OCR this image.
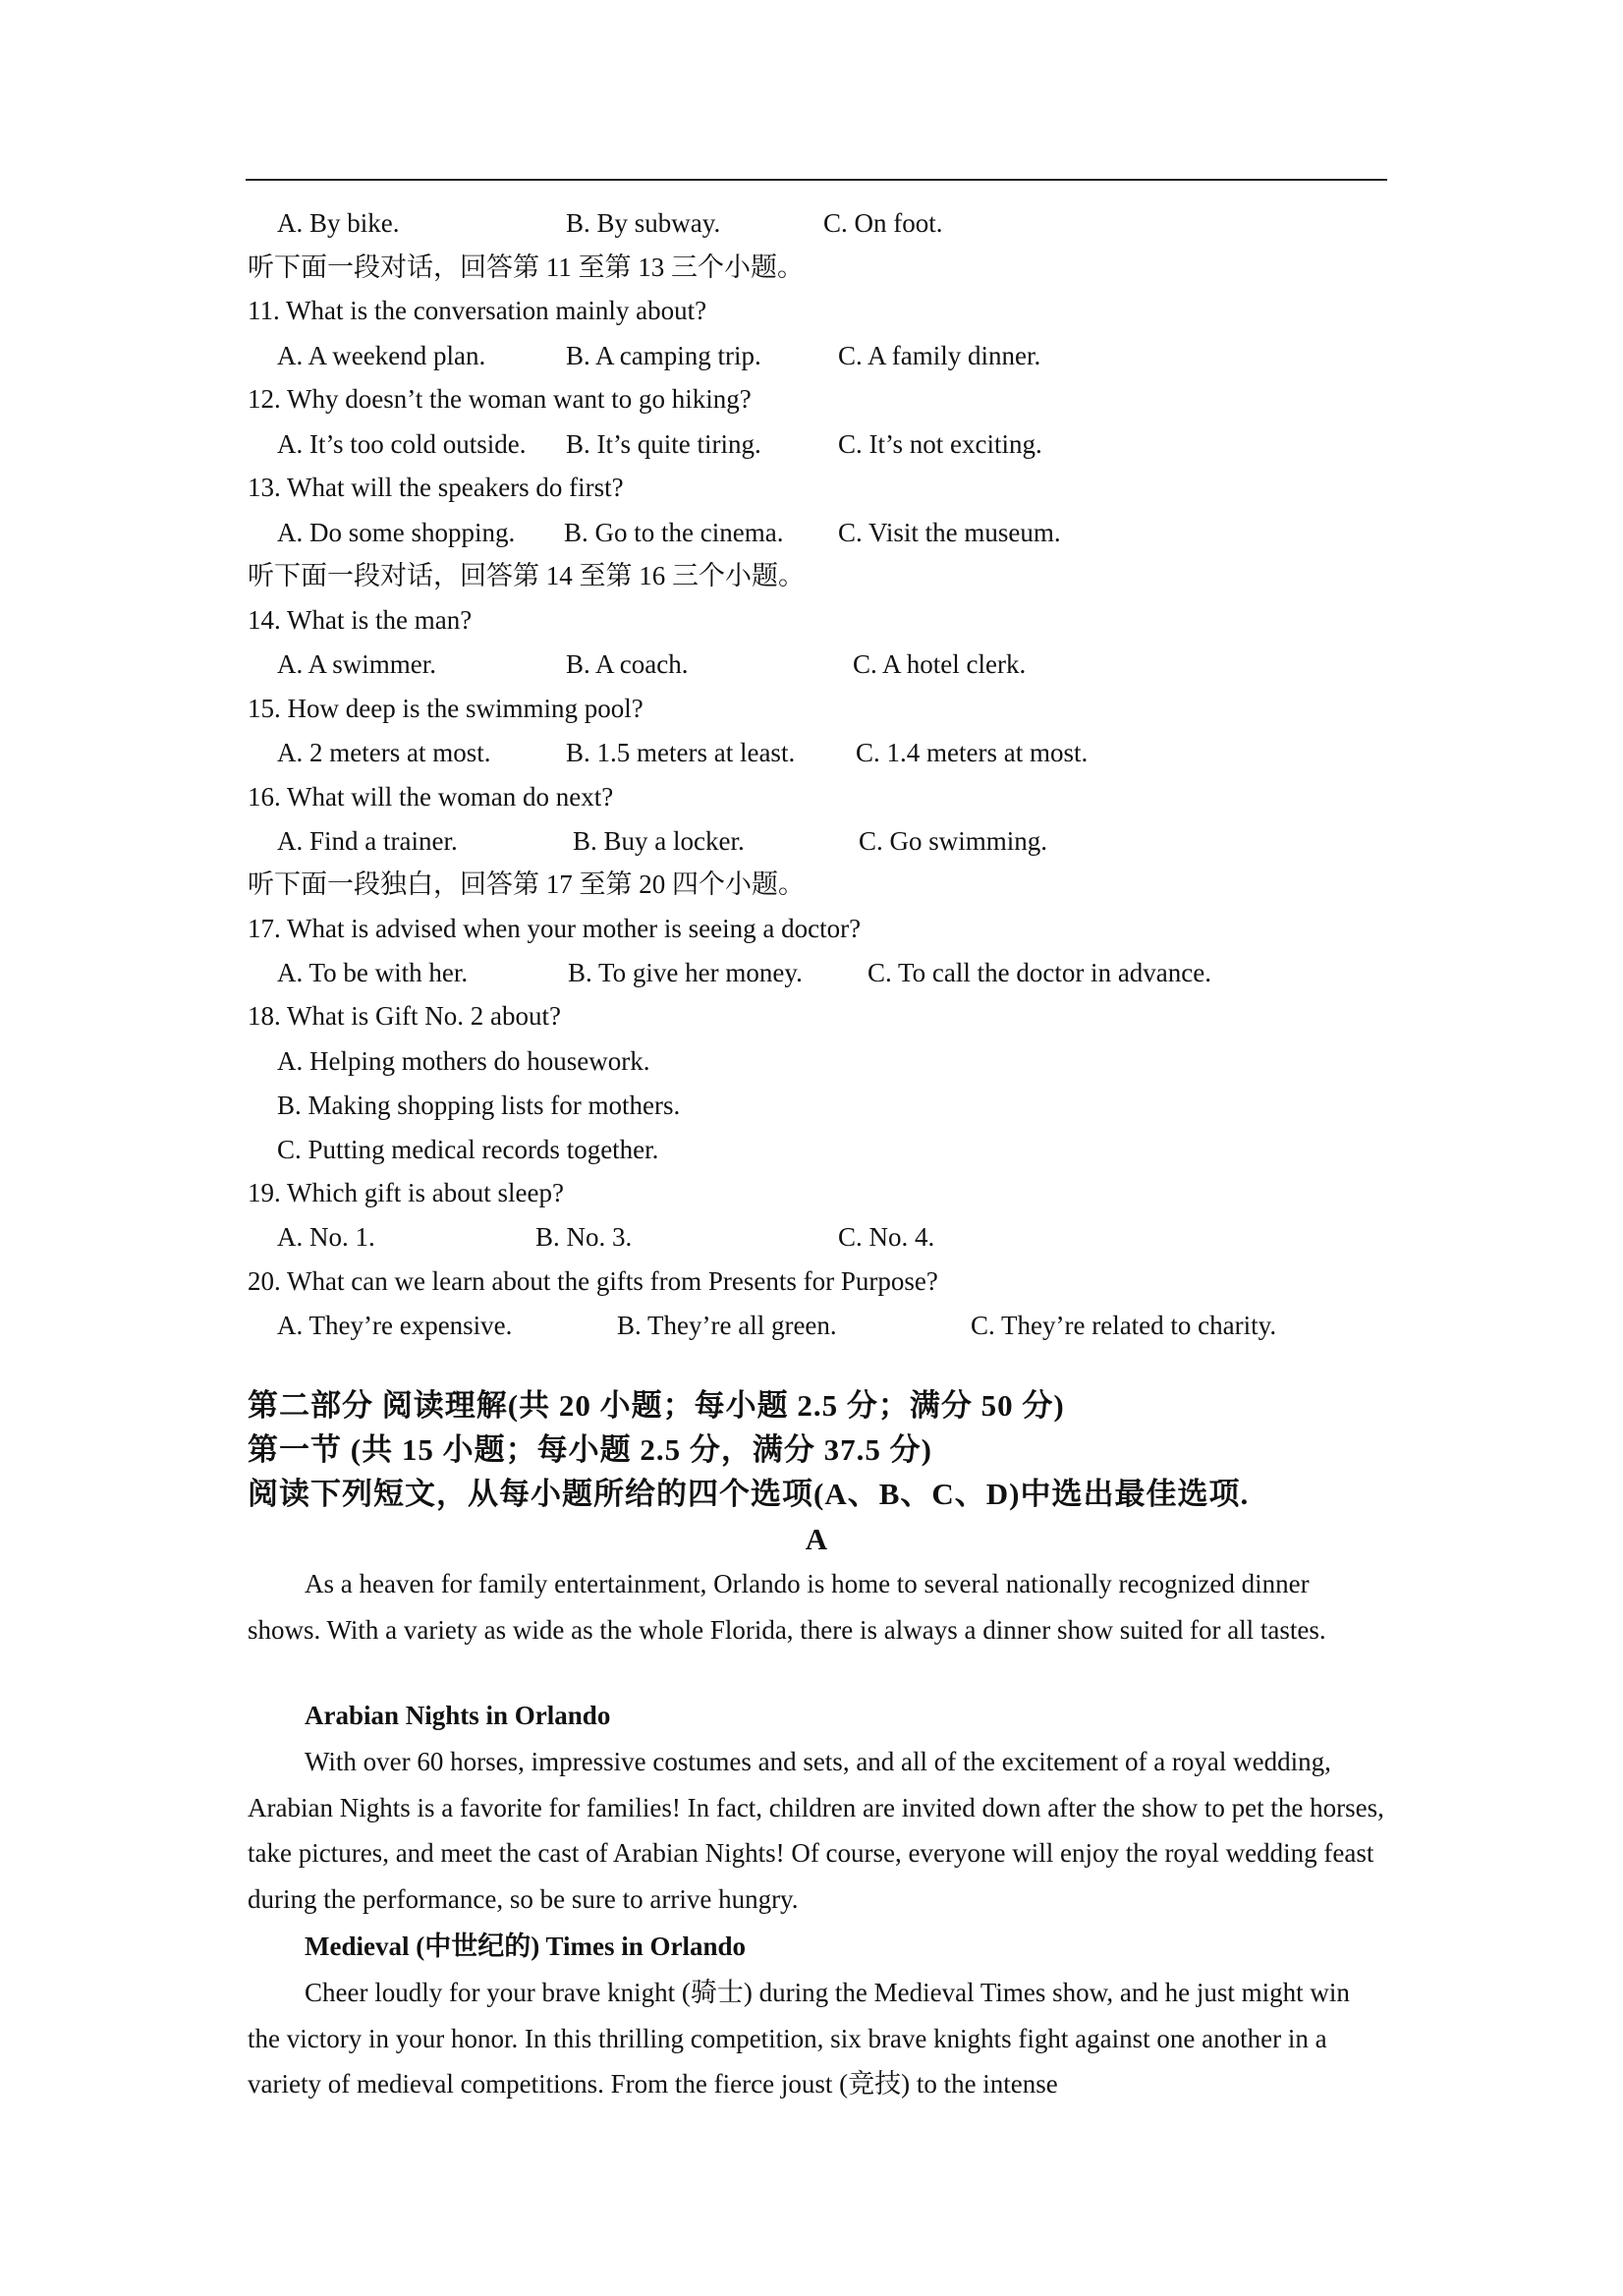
A. By bike.	B. By subway.	C. On foot.
听下面一段对话，回答第 11 至第 13 三个小题。
11. What is the conversation mainly about?
A. A weekend plan.	B. A camping trip.	C. A family dinner.
12. Why doesn’t the woman want to go hiking?
A. It’s too cold outside. B. It’s quite tiring.	C. It’s not exciting.
13. What will the speakers do first?
A. Do some shopping. B. Go to the cinema. C. Visit the museum.
听下面一段对话，回答第 14 至第 16 三个小题。
14. What is the man?
A. A swimmer.	B. A coach.	C. A hotel clerk.
15. How deep is the swimming pool?
A. 2 meters at most.	B. 1.5 meters at least. C. 1.4 meters at most.
16. What will the woman do next?
A. Find a trainer.	B. Buy a locker.	C. Go swimming.
听下面一段独白，回答第 17 至第 20 四个小题。
17. What is advised when your mother is seeing a doctor?
A. To be with her.	B. To give her money. C. To call the doctor in advance.
18. What is Gift No. 2 about?
A. Helping mothers do housework.
B. Making shopping lists for mothers.
C. Putting medical records together.
19. Which gift is about sleep?
A. No. 1.	B. No. 3.	C. No. 4.
20. What can we learn about the gifts from Presents for Purpose?
A. They’re expensive.	B. They’re all green.	C. They’re related to charity.
第二部分 阅读理解(共 20 小题；每小题 2.5 分；满分 50 分)
第一节 (共 15 小题；每小题 2.5 分，满分 37.5 分)
阅读下列短文，从每小题所给的四个选项(A、B、C、D)中选出最佳选项.
A
As a heaven for family entertainment, Orlando is home to several nationally recognized dinner shows. With a variety as wide as the whole Florida, there is always a dinner show suited for all tastes.
Arabian Nights in Orlando
With over 60 horses, impressive costumes and sets, and all of the excitement of a royal wedding, Arabian Nights is a favorite for families! In fact, children are invited down after the show to pet the horses, take pictures, and meet the cast of Arabian Nights! Of course, everyone will enjoy the royal wedding feast during the performance, so be sure to arrive hungry.
Medieval (中世纪的) Times in Orlando
Cheer loudly for your brave knight (骑士) during the Medieval Times show, and he just might win the victory in your honor. In this thrilling competition, six brave knights fight against one another in a variety of medieval competitions. From the fierce joust (竞技) to the intense
